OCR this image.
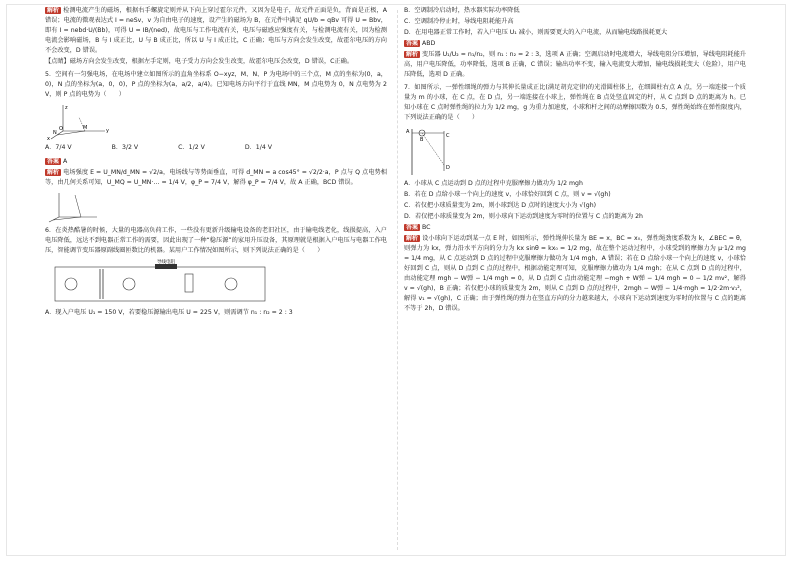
解析 检测电流产生的磁场，根据右手螺旋定则并从下向上穿过霍尔元件，又因为是电子，故元件正面是负，背面是正极，A 错误；电流的微观表达式 I = neSv，v 为自由电子的速度，设产生的磁场为 B，在元件中满足 qU/b = qBv 可得 U = Bbv，即有 I = nebd·U/(Bb)，可得 U = IB/(ned)，故电压与工作电流有关，电压与磁感应强度有关，与检测电流有关，因为检测电流会影响磁场，B 与 I 成正比，U 与 B 成正比，所以 U 与 I 成正比，C 正确；电压与方向会发生改变，故霍尔电压的方向不会改变，D 错误。

【点睛】磁场方向会发生改变，根据左手定则，电子受力方向会发生改变，故霍尔电压会改变，D 错误，C正确。

5．空间有一匀强电场，在电场中建立如图所示的直角坐标系 O−xyz，M、N、P 为电场中的三个点，M 点的坐标为(0，a，0)，N 点的坐标为(a，0，0)，P 点的坐标为(a，a/2，a/4)。已知电场方向平行于直线 MN，M 点电势为 0，N 点电势为 2 V，则 P 点的电势为（　　）

z
y
x
O	M
N
A．7/4 V	B．3/2 V	C．1/2 V	D．1/4 V

答案 A

解析 电场强度 E = U_MN/d_MN = √2/a，电场线与等势面垂直，可得 d_MN = a cos45° = √2/2·a，P 点与 Q 点电势相等，由几何关系可知，U_MQ = U_MN·… = 1/4 V，φ_P = 7/4 V，解得 φ_P = 7/4 V，故 A 正确，BCD 错误。

6．在炎热酷暑的时候，大量的电器高负荷工作，一些没有更新升级输电设备的老旧社区，由于输电线老化，线损提高，入户电压降低，远达不到电器正常工作的需要，因此出现了一种“稳压源”的家用升压设备，其原理就是根据入户电压与电器工作电压，智能调节变压器原副线圈匝数比的机器。某用户工作情况如图所示，则下列说法正确的是（　　）

导线电阻

A．现入户电压 U₁ = 150 V，若要稳压源输出电压 U = 225 V，则需调节 n₁ : n₂ = 2 : 3

B．空调制冷启动时，热水器实际功率降低

C．空调制冷停止时，导线电阻耗能升高

D．在用电器正常工作时，若入户电压 U₁ 减小，则需要更大的入户电流，从而输电线路损耗更大

答案 ABD

解析 变压器 U₁/U₂ = n₁/n₂，则 n₁ : n₂ = 2 : 3，选项 A 正确；空调启动时电流增大，导线电阻分压增加，导线电阻耗能升高，用户电压降低，功率降低，选项 B 正确，C 错误；输出功率不变，输入电流变大增加，输电线损耗变大（危险），用户电压降低，选项 D 正确。

7．如图所示，一弹性细绳的弹力与其伸长量成正比(满足胡克定律)的光滑圆柱体上，在细圆柱右点 A 点，另一端连接一个质量为 m 的小球，在 C 点，在 D 点，另一端连接在小球上，弹性绳在 B 点处竖直固定的杆，从 C 点到 D 点的距离为 h。已知小球在 C 点时弹性绳的拉力为 1/2 mg，g 为重力加速度，小球和杆之间的动摩擦因数为 0.5，弹性绳始终在弹性限度内，下列说法正确的是（　　）

A
B
C
D

A．小球从 C 点运动到 D 点的过程中克服摩擦力做功为 1/2 mgh

B．若在 D 点给小球一个向上的速度 v，小球恰好回到 C 点，则 v = √(gh)

C．若仅把小球质量变为 2m，则小球到达 D 点时的速度大小为 √(gh)

D．若仅把小球质量变为 2m，则小球向下运动到速度为零时的位置与 C 点的距离为 2h

答案 BC

解析 设小球向下运动到某一点 E 时，如图所示，弹性绳伸长量为 BE = x，BC = x₀，弹性绳劲度系数为 k，∠BEC = θ，则弹力为 kx，弹力沿水平方向的分力为 kx sinθ = kx₀ = 1/2 mg，故在整个运动过程中，小球受到的摩擦力为 μ·1/2 mg = 1/4 mg，从 C 点运动到 D 点的过程中克服摩擦力做功为 1/4 mgh，A 错误；若在 D 点给小球一个向上的速度 v，小球恰好回到 C 点，则从 D 点到 C 点的过程中，根据动能定理可知，克服摩擦力做功为 1/4 mgh；在从 C 点到 D 点的过程中，由动能定理 mgh − W弹 − 1/4 mgh = 0，从 D 点到 C 点由动能定理 −mgh + W弹 − 1/4 mgh = 0 − 1/2 mv²，解得 v = √(gh)，B 正确；若仅把小球的质量变为 2m，则从 C 点到 D 点的过程中，2mgh − W弹 − 1/4·mgh = 1/2·2m·v₁²，解得 v₁ = √(gh)，C 正确；由于弹性绳的弹力在竖直方向的分力越来越大，小球向下运动到速度为零时的位置与 C 点的距离不等于 2h，D 错误。
